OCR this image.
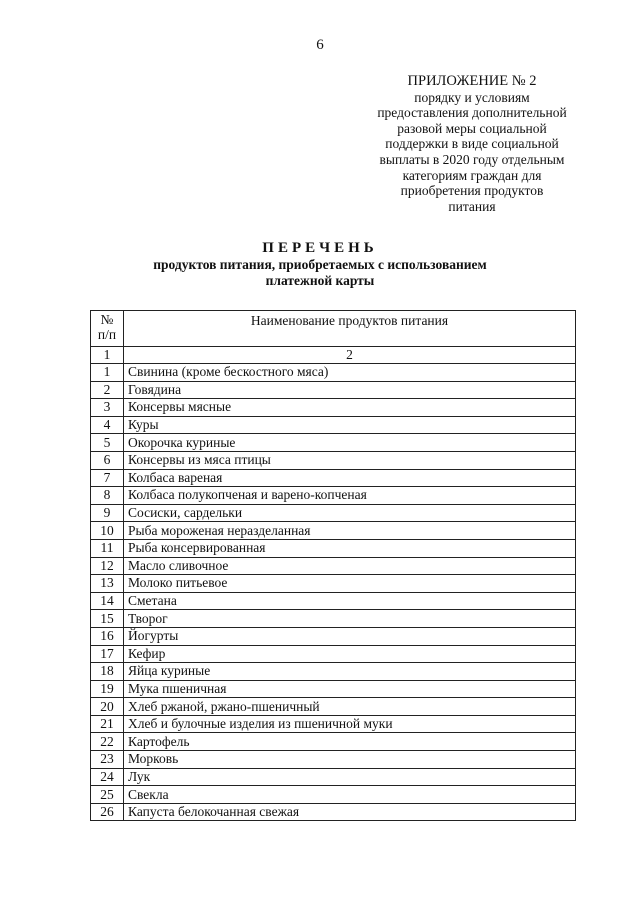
6
ПРИЛОЖЕНИЕ № 2
порядку и условиям
предоставления дополнительной
разовой меры социальной
поддержки в виде социальной
выплаты в 2020 году отдельным
категориям граждан для
приобретения продуктов
питания
ПЕРЕЧЕНЬ
продуктов питания, приобретаемых с использованием
платежной карты
№
п/п	Наименование продуктов питания
1	2
1	Свинина (кроме бескостного мяса)
2	Говядина
3	Консервы мясные
4	Куры
5	Окорочка куриные
6	Консервы из мяса птицы
7	Колбаса вареная
8	Колбаса полукопченая и варено-копченая
9	Сосиски, сардельки
10	Рыба мороженая неразделанная
11	Рыба консервированная
12	Масло сливочное
13	Молоко питьевое
14	Сметана
15	Творог
16	Йогурты
17	Кефир
18	Яйца куриные
19	Мука пшеничная
20	Хлеб ржаной, ржано-пшеничный
21	Хлеб и булочные изделия из пшеничной муки
22	Картофель
23	Морковь
24	Лук
25	Свекла
26	Капуста белокочанная свежая
